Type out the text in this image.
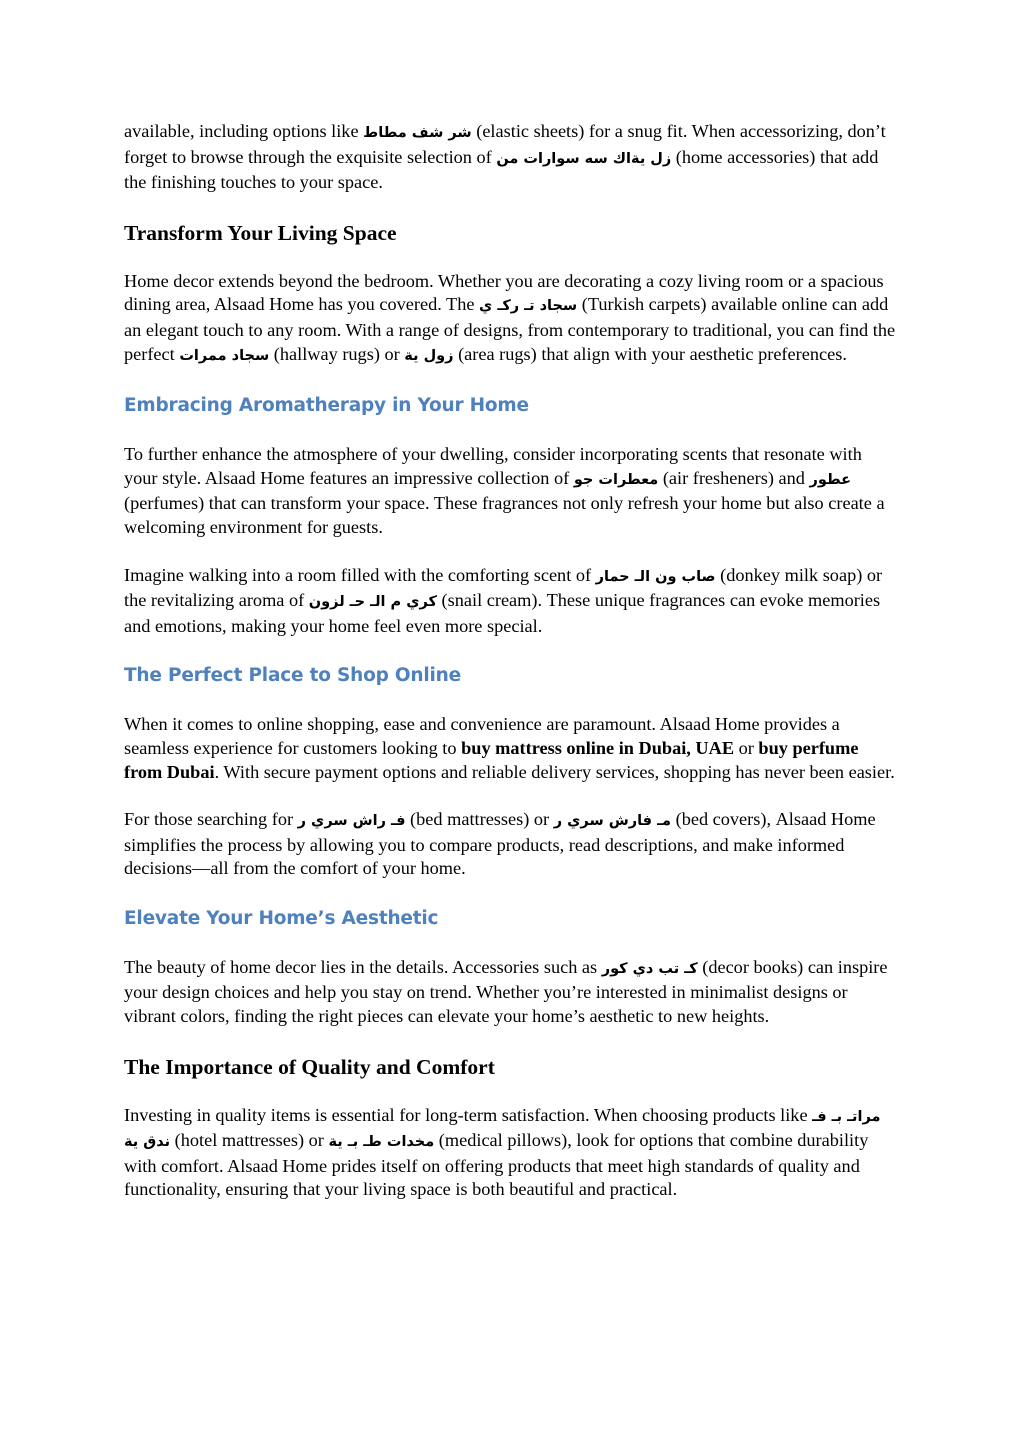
available, including options like شر شف مطاط (elastic sheets) for a snug fit. When accessorizing, don’t forget to browse through the exquisite selection of زل يةاك سه سوارات من (home accessories) that add the finishing touches to your space.

Transform Your Living Space

Home decor extends beyond the bedroom. Whether you are decorating a cozy living room or a spacious dining area, Alsaad Home has you covered. The سجاد تـ ركـ ي (Turkish carpets) available online can add an elegant touch to any room. With a range of designs, from contemporary to traditional, you can find the perfect سجاد ممرات (hallway rugs) or زول ية (area rugs) that align with your aesthetic preferences.

Embracing Aromatherapy in Your Home

To further enhance the atmosphere of your dwelling, consider incorporating scents that resonate with your style. Alsaad Home features an impressive collection of معطرات جو (air fresheners) and عطور (perfumes) that can transform your space. These fragrances not only refresh your home but also create a welcoming environment for guests.

Imagine walking into a room filled with the comforting scent of صاب ون الـ حمار (donkey milk soap) or the revitalizing aroma of كري م الـ حـ لزون (snail cream). These unique fragrances can evoke memories and emotions, making your home feel even more special.

The Perfect Place to Shop Online

When it comes to online shopping, ease and convenience are paramount. Alsaad Home provides a seamless experience for customers looking to buy mattress online in Dubai, UAE or buy perfume from Dubai. With secure payment options and reliable delivery services, shopping has never been easier.

For those searching for فـ راش سري ر (bed mattresses) or مـ فارش سري ر (bed covers), Alsaad Home simplifies the process by allowing you to compare products, read descriptions, and make informed decisions—all from the comfort of your home.

Elevate Your Home’s Aesthetic

The beauty of home decor lies in the details. Accessories such as كـ تب دي كور (decor books) can inspire your design choices and help you stay on trend. Whether you’re interested in minimalist designs or vibrant colors, finding the right pieces can elevate your home’s aesthetic to new heights.

The Importance of Quality and Comfort

Investing in quality items is essential for long-term satisfaction. When choosing products like مراتـ بـ فـ ندق ية (hotel mattresses) or مخدات طـ بـ ية (medical pillows), look for options that combine durability with comfort. Alsaad Home prides itself on offering products that meet high standards of quality and functionality, ensuring that your living space is both beautiful and practical.
